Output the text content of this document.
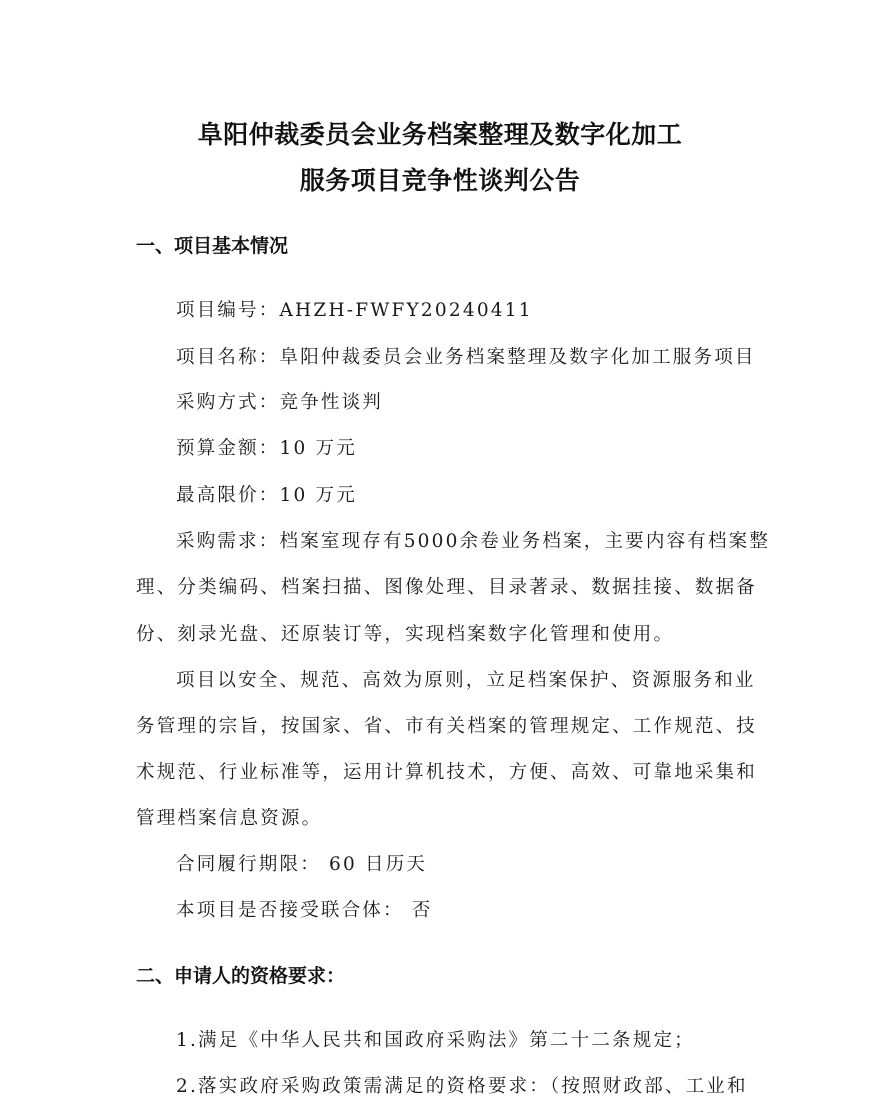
阜阳仲裁委员会业务档案整理及数字化加工
服务项目竞争性谈判公告
一、项目基本情况
项目编号：AHZH-FWFY20240411
项目名称：阜阳仲裁委员会业务档案整理及数字化加工服务项目
采购方式：竞争性谈判
预算金额：10 万元
最高限价：10 万元
采购需求：档案室现存有5000余卷业务档案，主要内容有档案整
理、分类编码、档案扫描、图像处理、目录著录、数据挂接、数据备
份、刻录光盘、还原装订等，实现档案数字化管理和使用。
项目以安全、规范、高效为原则，立足档案保护、资源服务和业
务管理的宗旨，按国家、省、市有关档案的管理规定、工作规范、技
术规范、行业标准等，运用计算机技术，方便、高效、可靠地采集和
管理档案信息资源。
合同履行期限： 60 日历天
本项目是否接受联合体： 否
二、申请人的资格要求：
1.满足《中华人民共和国政府采购法》第二十二条规定；
2.落实政府采购政策需满足的资格要求：（按照财政部、工业和
